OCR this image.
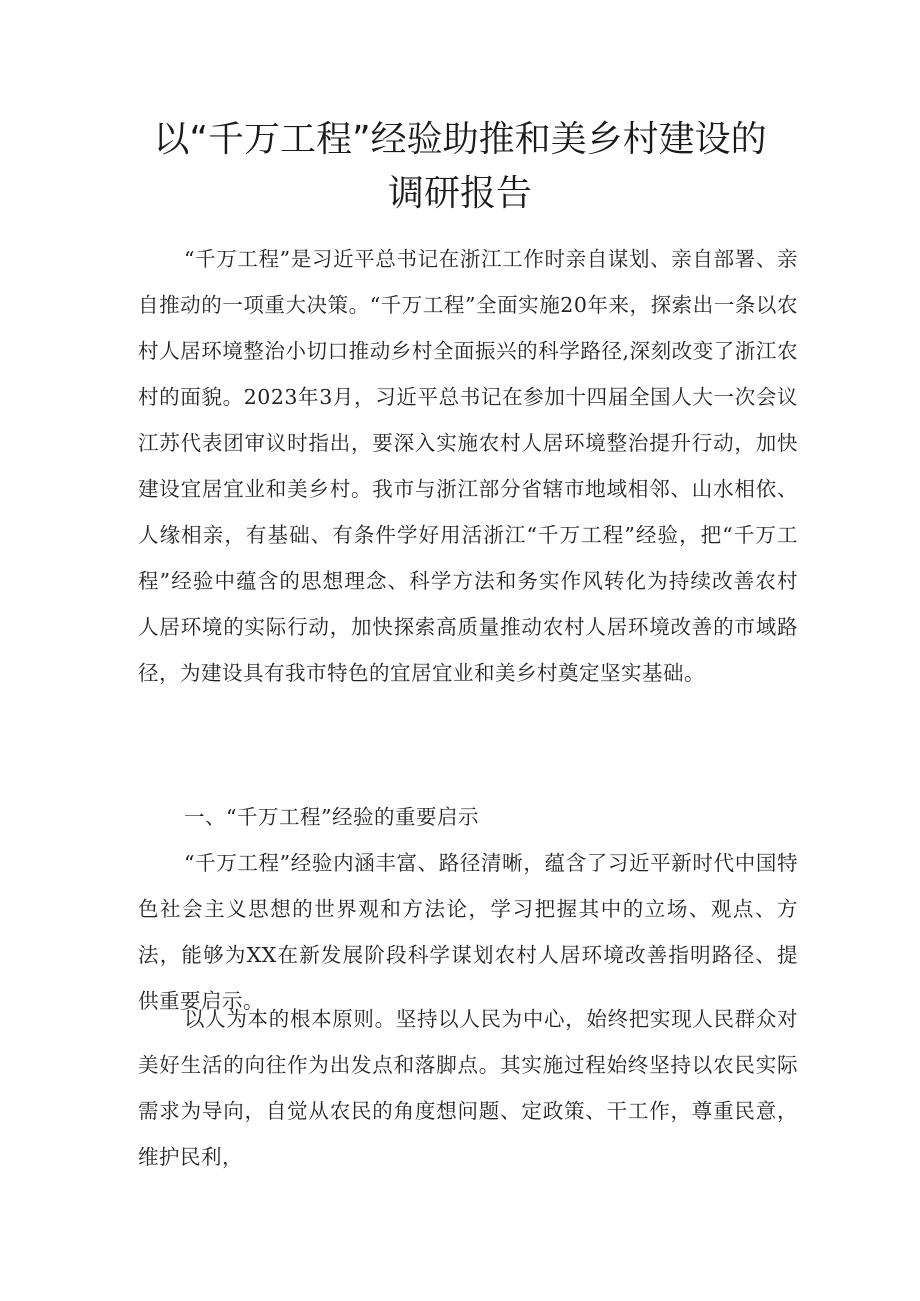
以“千万工程”经验助推和美乡村建设的
调研报告
“千万工程”是习近平总书记在浙江工作时亲自谋划、亲自部署、亲自推动的一项重大决策。“千万工程”全面实施20年来，探索出一条以农村人居环境整治小切口推动乡村全面振兴的科学路径,深刻改变了浙江农村的面貌。2023年3月，习近平总书记在参加十四届全国人大一次会议江苏代表团审议时指出，要深入实施农村人居环境整治提升行动，加快建设宜居宜业和美乡村。我市与浙江部分省辖市地域相邻、山水相依、人缘相亲，有基础、有条件学好用活浙江“千万工程”经验，把“千万工程”经验中蕴含的思想理念、科学方法和务实作风转化为持续改善农村人居环境的实际行动，加快探索高质量推动农村人居环境改善的市域路径，为建设具有我市特色的宜居宜业和美乡村奠定坚实基础。
一、“千万工程”经验的重要启示
“千万工程”经验内涵丰富、路径清晰，蕴含了习近平新时代中国特色社会主义思想的世界观和方法论，学习把握其中的立场、观点、方法，能够为XX在新发展阶段科学谋划农村人居环境改善指明路径、提供重要启示。
以人为本的根本原则。坚持以人民为中心，始终把实现人民群众对美好生活的向往作为出发点和落脚点。其实施过程始终坚持以农民实际需求为导向，自觉从农民的角度想问题、定政策、干工作，尊重民意，维护民利，
